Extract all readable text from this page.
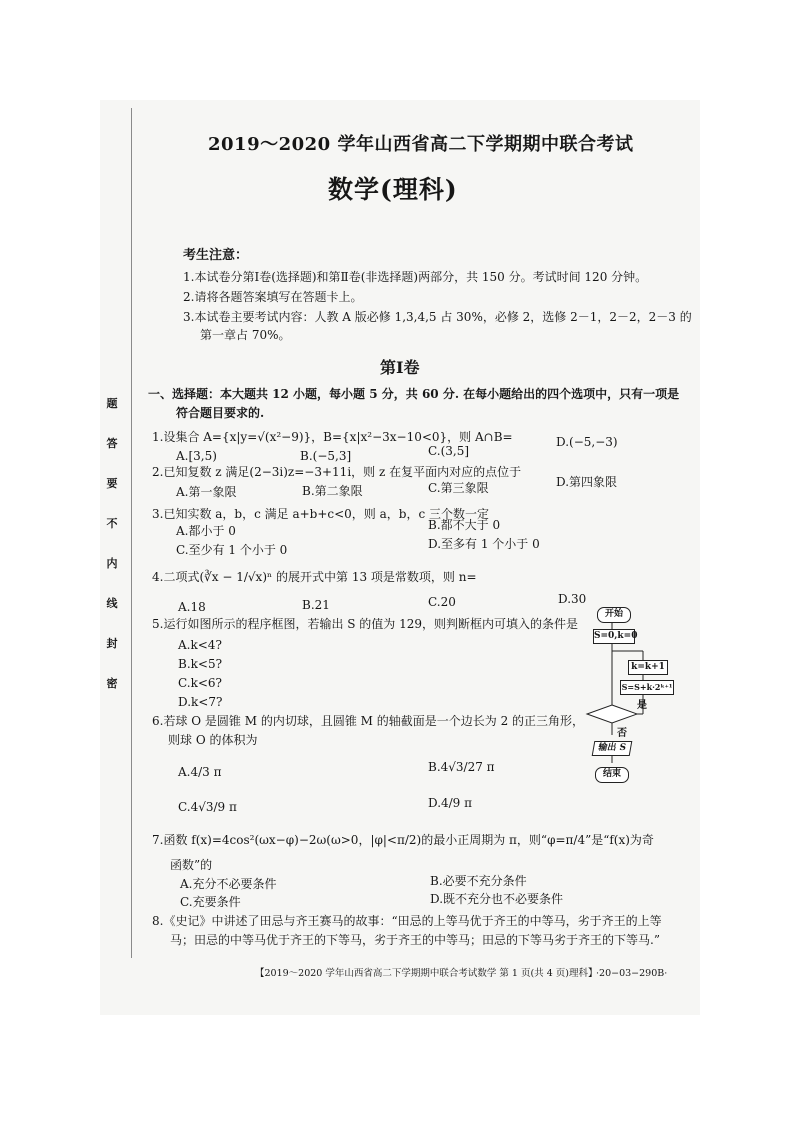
题
答
要
不
内
线
封
密
2019～2020 学年山西省高二下学期期中联合考试
数学(理科)
考生注意：
1.本试卷分第Ⅰ卷(选择题)和第Ⅱ卷(非选择题)两部分，共 150 分。考试时间 120 分钟。
2.请将各题答案填写在答题卡上。
3.本试卷主要考试内容：人教 A 版必修 1,3,4,5 占 30%，必修 2，选修 2－1，2－2，2－3 的
第一章占 70%。
第Ⅰ卷
一、选择题：本大题共 12 小题，每小题 5 分，共 60 分. 在每小题给出的四个选项中，只有一项是
符合题目要求的.
1.设集合 A={x|y=√(x²−9)}，B={x|x²−3x−10<0}，则 A∩B=
A.[3,5)	B.(−5,3]	C.(3,5]
D.(−5,−3)
2.已知复数 z 满足(2−3i)z=−3+11i，则 z 在复平面内对应的点位于
A.第一象限	B.第二象限	C.第三象限	D.第四象限
3.已知实数 a，b，c 满足 a+b+c<0，则 a，b，c 三个数一定
A.都小于 0	B.都不大于 0
C.至少有 1 个小于 0	D.至多有 1 个小于 0
4.二项式(∛x − 1/√x)ⁿ 的展开式中第 13 项是常数项，则 n=
A.18	B.21	C.20	D.30
5.运行如图所示的程序框图，若输出 S 的值为 129，则判断框内可填入的条件是
A.k<4?
B.k<5?
C.k<6?
D.k<7?
开始
S=0,k=0
k=k+1
S=S+k·2ᵏ⁺¹
是
否
输出 S
结束
6.若球 O 是圆锥 M 的内切球，且圆锥 M 的轴截面是一个边长为 2 的正三角形，
则球 O 的体积为
A.4/3 π	B.4√3/27 π
C.4√3/9 π	D.4/9 π
7.函数 f(x)=4cos²(ωx−φ)−2ω(ω>0，|φ|<π/2)的最小正周期为 π，则“φ=π/4”是“f(x)为奇
函数”的
A.充分不必要条件	B.必要不充分条件
C.充要条件	D.既不充分也不必要条件
8.《史记》中讲述了田忌与齐王赛马的故事：“田忌的上等马优于齐王的中等马，劣于齐王的上等
马；田忌的中等马优于齐王的下等马，劣于齐王的中等马；田忌的下等马劣于齐王的下等马.”
【2019～2020 学年山西省高二下学期期中联合考试数学 第 1 页(共 4 页)理科】
·20−03−290B·
